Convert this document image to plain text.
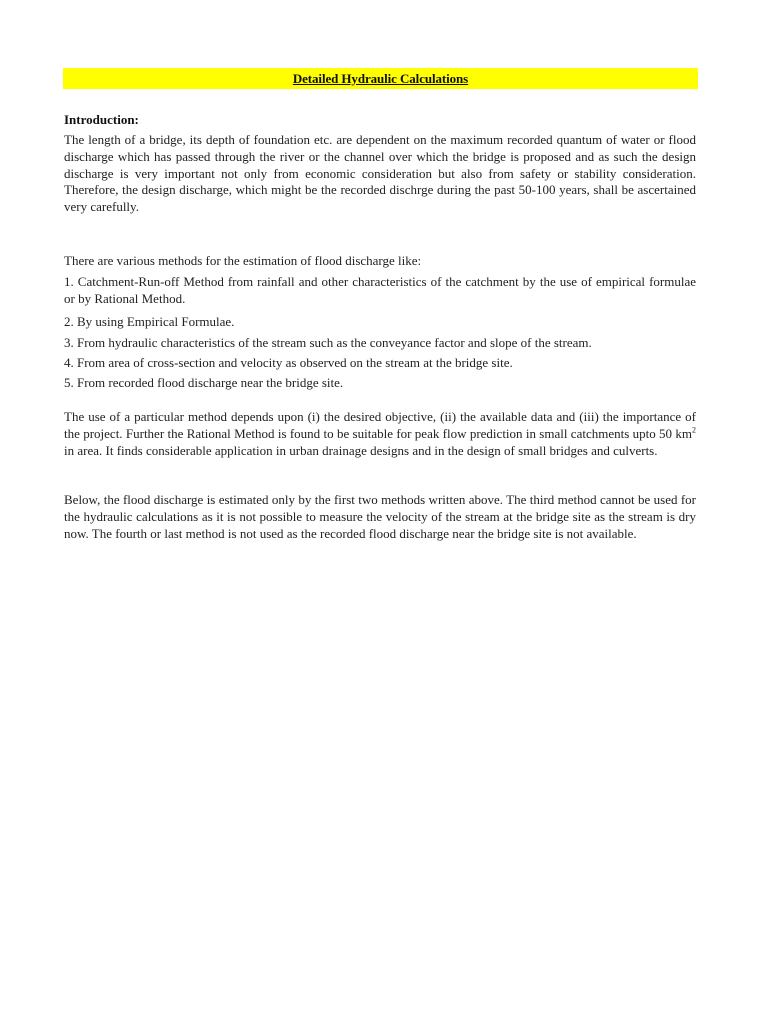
Detailed Hydraulic Calculations
Introduction:

The length of a bridge, its depth of foundation etc. are dependent on the maximum recorded quantum of water or flood discharge which has passed through the river or the channel over which the bridge is proposed and as such the design discharge is very important not only from economic consideration but also from safety or stability consideration. Therefore, the design discharge, which might be the recorded dischrge during the past 50-100 years, shall be ascertained very carefully.

There are various methods for the estimation of flood discharge like:

1. Catchment-Run-off Method from rainfall and other characteristics of the catchment by the use of empirical formulae or by Rational Method.
2. By using Empirical Formulae.
3. From hydraulic characteristics of the stream such as the conveyance factor and slope of the stream.
4. From area of cross-section and velocity as observed on the stream at the bridge site.
5. From recorded flood discharge near the bridge site.

The use of a particular method depends upon (i) the desired objective, (ii) the available data and (iii) the importance of the project. Further the Rational Method is found to be suitable for peak flow prediction in small catchments upto 50 $km^2$ in area. It finds considerable application in urban drainage designs and in the design of small bridges and culverts.

Below, the flood discharge is estimated only by the first two methods written above. The third method cannot be used for the hydraulic calculations as it is not possible to measure the velocity of the stream at the bridge site as the stream is dry now. The fourth or last method is not used as the recorded flood discharge near the bridge site is not available.
